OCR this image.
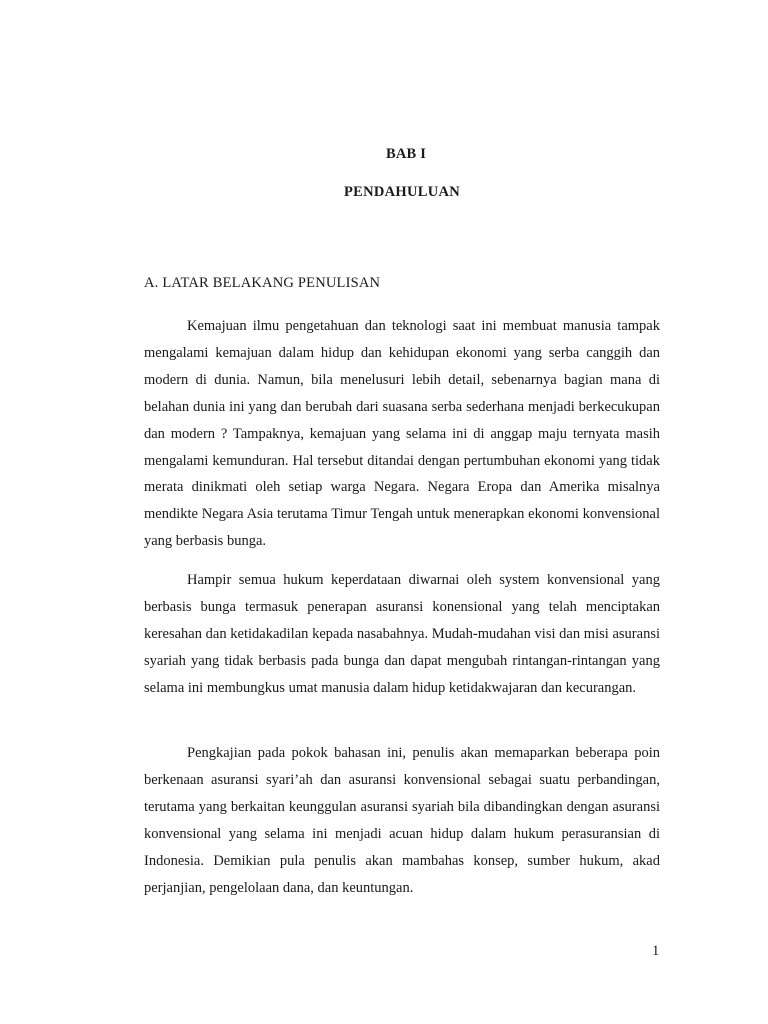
BAB I
PENDAHULUAN
A. LATAR BELAKANG PENULISAN

Kemajuan ilmu pengetahuan dan teknologi saat ini membuat manusia tampak mengalami kemajuan dalam hidup dan kehidupan ekonomi yang serba canggih dan modern di dunia. Namun, bila menelusuri lebih detail, sebenarnya bagian mana di belahan dunia ini yang dan berubah dari suasana serba sederhana menjadi berkecukupan dan modern ? Tampaknya, kemajuan yang selama ini di anggap maju ternyata masih mengalami kemunduran. Hal tersebut ditandai dengan pertumbuhan ekonomi yang tidak merata dinikmati oleh setiap warga Negara. Negara Eropa dan Amerika misalnya mendikte Negara Asia terutama Timur Tengah untuk menerapkan ekonomi konvensional yang berbasis bunga.

Hampir semua hukum keperdataan diwarnai oleh system konvensional yang berbasis bunga termasuk penerapan asuransi konensional yang telah menciptakan keresahan dan ketidakadilan kepada nasabahnya. Mudah-mudahan visi dan misi asuransi syariah yang tidak berbasis pada bunga dan dapat mengubah rintangan-rintangan yang selama ini membungkus umat manusia dalam hidup ketidakwajaran dan kecurangan.

Pengkajian pada pokok bahasan ini, penulis akan memaparkan beberapa poin berkenaan asuransi syari’ah dan asuransi konvensional sebagai suatu perbandingan, terutama yang berkaitan keunggulan asuransi syariah bila dibandingkan dengan asuransi konvensional yang selama ini menjadi acuan hidup dalam hukum perasuransian di Indonesia. Demikian pula penulis akan mambahas konsep, sumber hukum, akad perjanjian, pengelolaan dana, dan keuntungan.

1
